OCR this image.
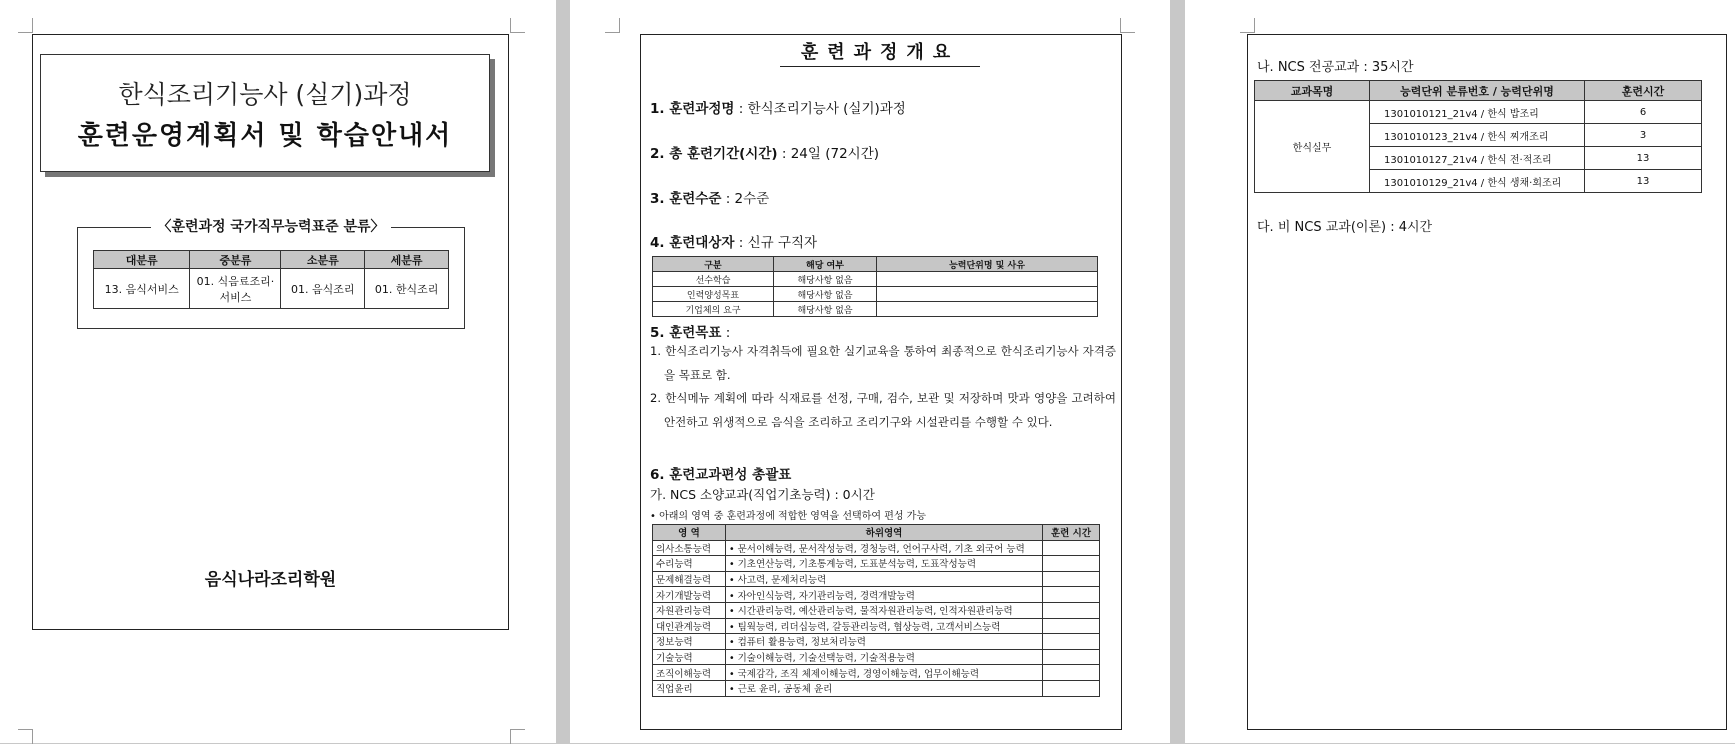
한식조리기능사 (실기)과정
훈련운영계획서 및 학습안내서
〈훈련과정 국가직무능력표준 분류〉
대분류	중분류	소분류	세분류
13. 음식서비스	01. 식음료조리·서비스	01. 음식조리	01. 한식조리
음식나라조리학원
훈련과정개요
1. 훈련과정명 : 한식조리기능사 (실기)과정
2. 총 훈련기간(시간) : 24일 (72시간)
3. 훈련수준 : 2수준
4. 훈련대상자 : 신규 구직자
구분	해당 여부	능력단위명 및 사유
선수학습	해당사항 없음	
인력양성목표	해당사항 없음	
기업체의 요구	해당사항 없음	
5. 훈련목표 :
1. 한식조리기능사 자격취득에 필요한 실기교육을 통하여 최종적으로 한식조리기능사 자격증을 목표로 함.
2. 한식메뉴 계획에 따라 식재료를 선정, 구매, 검수, 보관 및 저장하며 맛과 영양을 고려하여 안전하고 위생적으로 음식을 조리하고 조리기구와 시설관리를 수행할 수 있다.
6. 훈련교과편성 총괄표
가. NCS 소양교과(직업기초능력) : 0시간
• 아래의 영역 중 훈련과정에 적합한 영역을 선택하여 편성 가능
영 역	하위영역	훈련 시간
의사소통능력	• 문서이해능력, 문서작성능력, 경청능력, 언어구사력, 기초 외국어 능력	
수리능력	• 기초연산능력, 기초통계능력, 도표분석능력, 도표작성능력	
문제해결능력	• 사고력, 문제처리능력	
자기개발능력	• 자아인식능력, 자기관리능력, 경력개발능력	
자원관리능력	• 시간관리능력, 예산관리능력, 물적자원관리능력, 인적자원관리능력	
대인관계능력	• 팀웍능력, 리더십능력, 갈등관리능력, 협상능력, 고객서비스능력	
정보능력	• 컴퓨터 활용능력, 정보처리능력	
기술능력	• 기술이해능력, 기술선택능력, 기술적용능력	
조직이해능력	• 국제감각, 조직 체제이해능력, 경영이해능력, 업무이해능력	
직업윤리	• 근로 윤리, 공동체 윤리	
나. NCS 전공교과 : 35시간
교과목명	능력단위 분류번호 / 능력단위명	훈련시간
한식실무	1301010121_21v4 / 한식 밥조리	6
	1301010123_21v4 / 한식 찌개조리	3
	1301010127_21v4 / 한식 전·적조리	13
	1301010129_21v4 / 한식 생채·회조리	13
다. 비 NCS 교과(이론) : 4시간
